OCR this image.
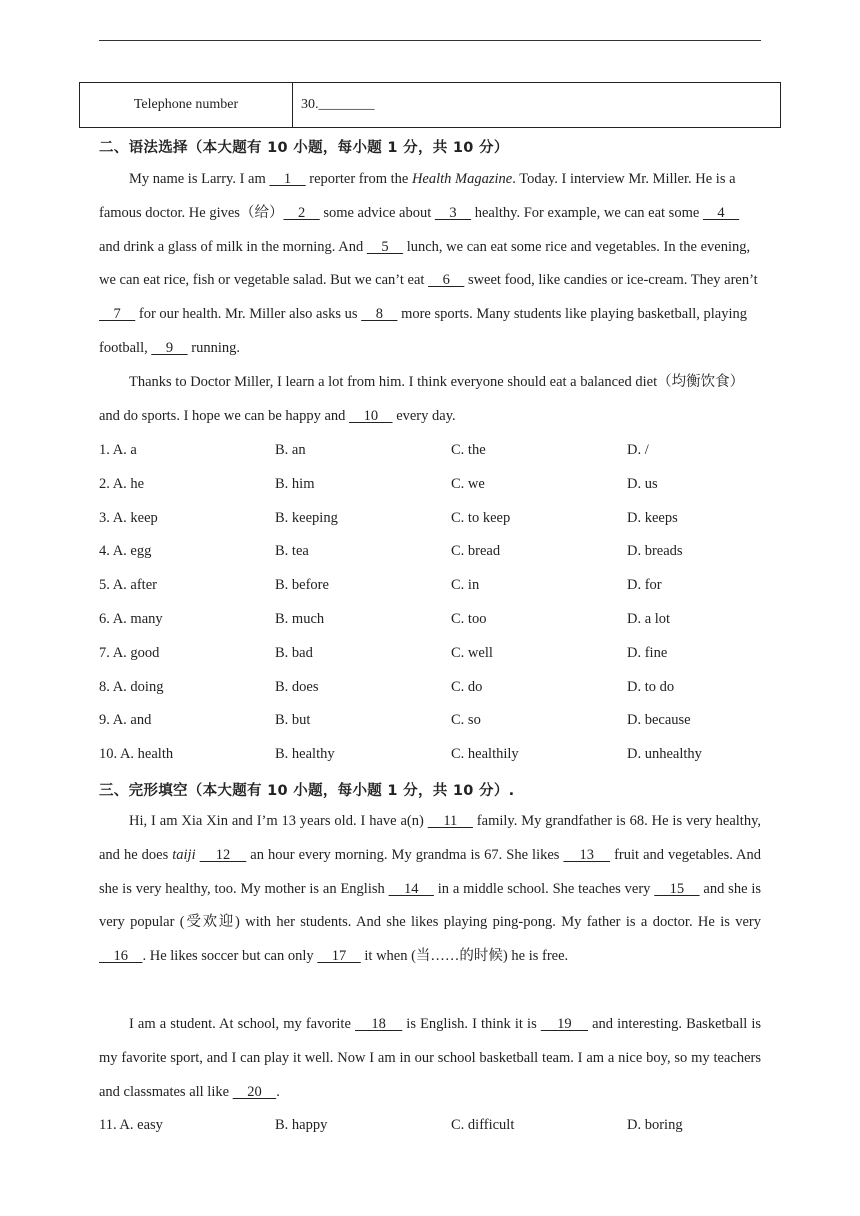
Telephone number	30.________
二、语法选择（本大题有 10 小题，每小题 1 分，共 10 分）

My name is Larry. I am     1     reporter from the Health Magazine. Today. I interview Mr. Miller. He is a famous doctor. He gives（给）    2     some advice about     3     healthy. For example, we can eat some     4     and drink a glass of milk in the morning. And     5     lunch, we can eat some rice and vegetables. In the evening, we can eat rice, fish or vegetable salad. But we can’t eat     6     sweet food, like candies or ice-cream. They aren’t     7     for our health. Mr. Miller also asks us     8     more sports. Many students like playing basketball, playing football,     9     running.

Thanks to Doctor Miller, I learn a lot from him. I think everyone should eat a balanced diet（均衡饮食）and do sports. I hope we can be happy and     10     every day.

1. A. a	B. an	C. the	D. /
2. A. he	B. him	C. we	D. us
3. A. keep	B. keeping	C. to keep	D. keeps
4. A. egg	B. tea	C. bread	D. breads
5. A. after	B. before	C. in	D. for
6. A. many	B. much	C. too	D. a lot
7. A. good	B. bad	C. well	D. fine
8. A. doing	B. does	C. do	D. to do
9. A. and	B. but	C. so	D. because
10. A. health	B. healthy	C. healthily	D. unhealthy
三、完形填空（本大题有 10 小题，每小题 1 分，共 10 分）.

Hi, I am Xia Xin and I’m 13 years old. I have a(n)     11     family. My grandfather is 68. He is very healthy, and he does taiji     12     an hour every morning. My grandma is 67. She likes     13     fruit and vegetables. And she is very healthy, too. My mother is an English     14     in a middle school. She teaches very     15     and she is very popular (受欢迎) with her students. And she likes playing ping-pong. My father is a doctor. He is very     16    . He likes soccer but can only     17     it when (当……的时候) he is free.

I am a student. At school, my favorite     18     is English. I think it is     19     and interesting. Basketball is my favorite sport, and I can play it well. Now I am in our school basketball team. I am a nice boy, so my teachers and classmates all like     20    .

11. A. easy	B. happy	C. difficult	D. boring
